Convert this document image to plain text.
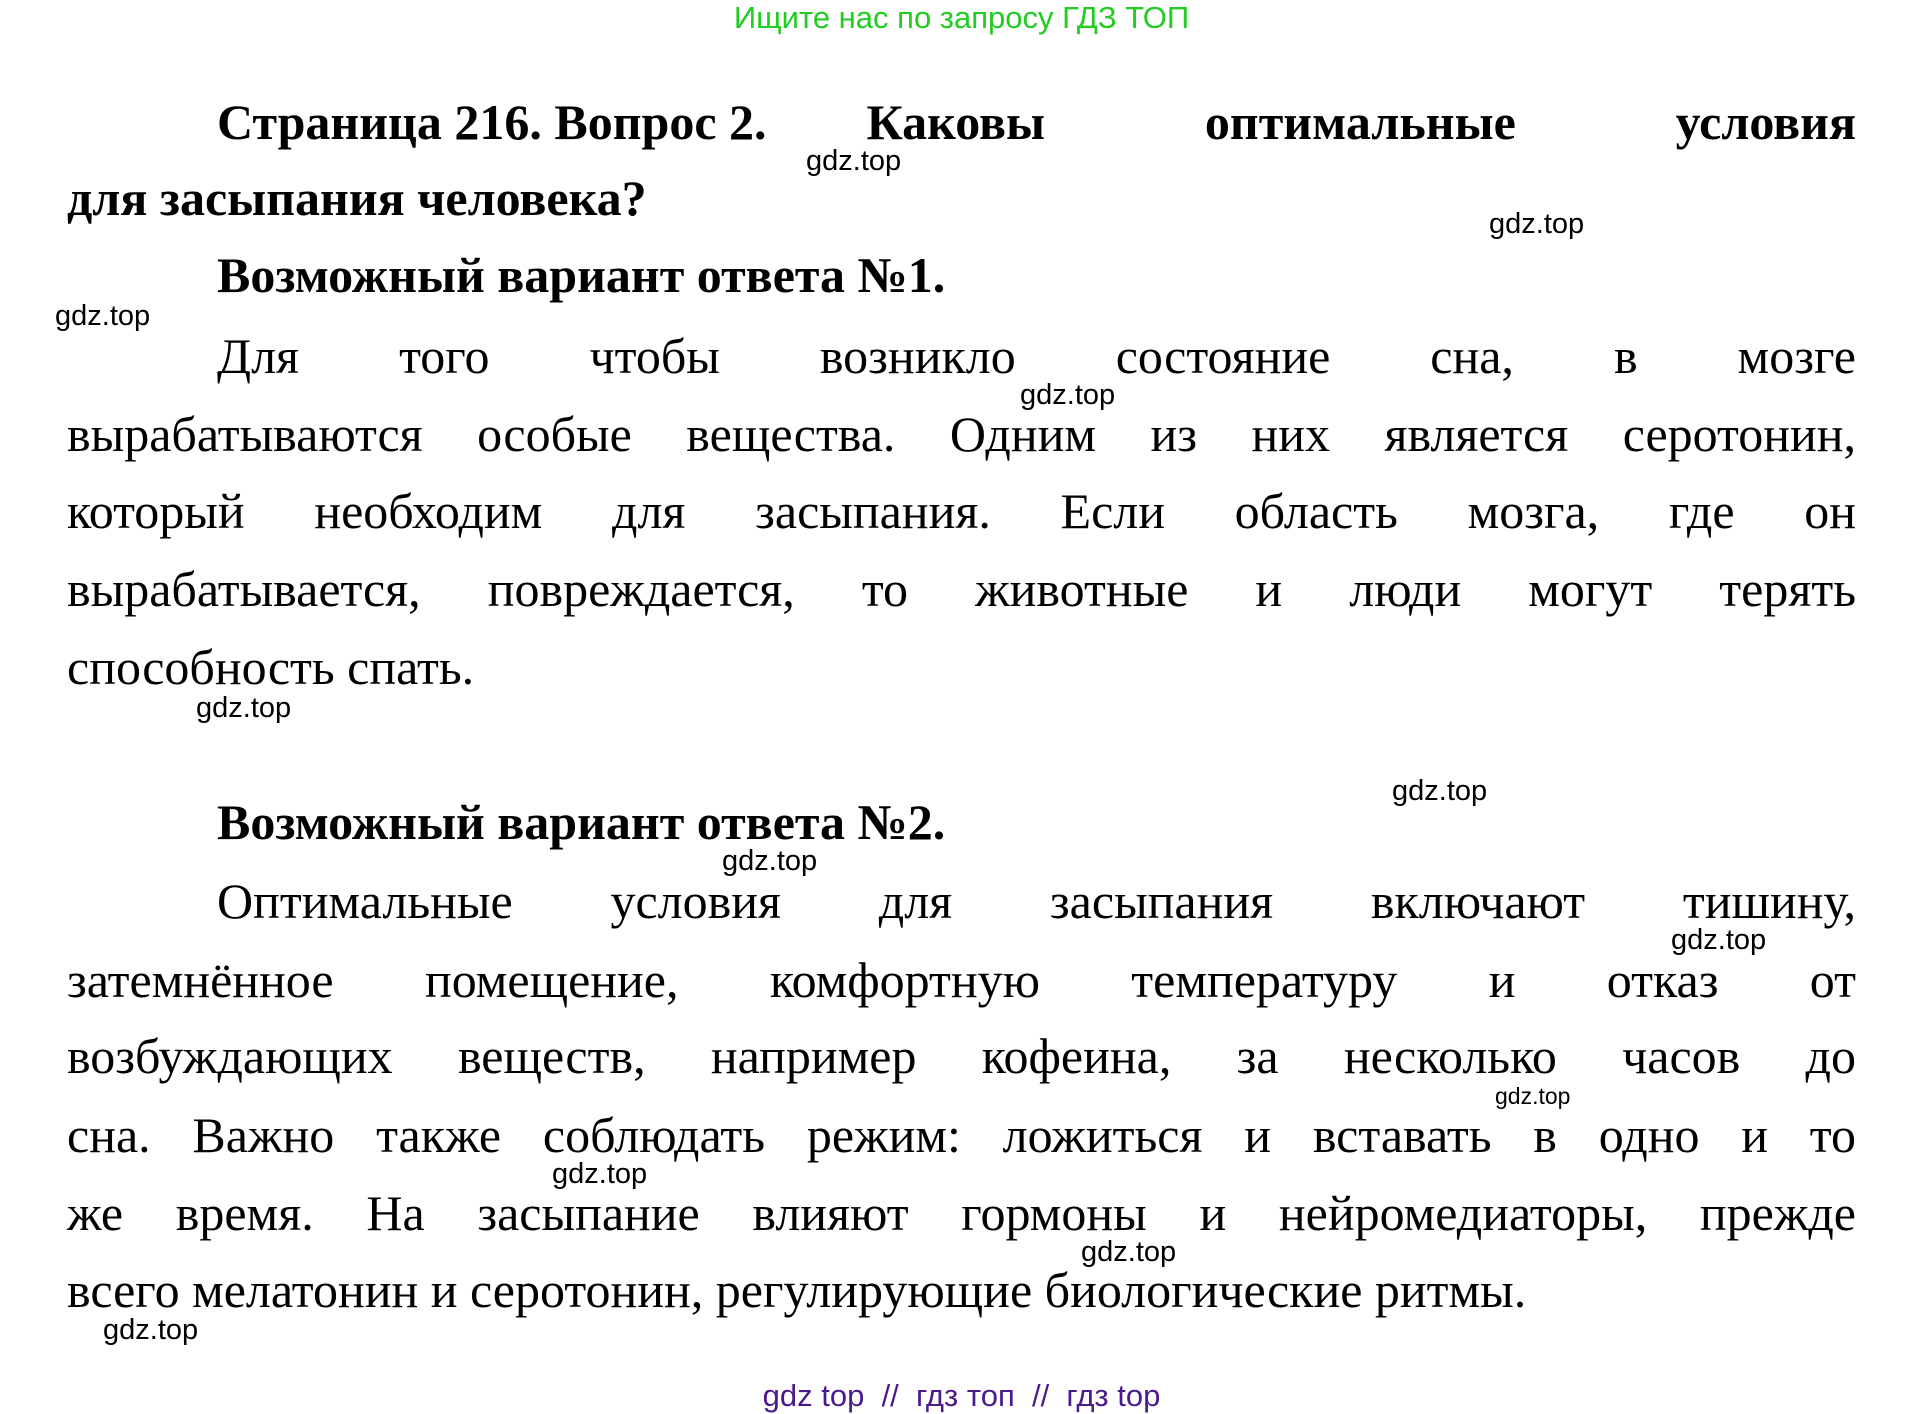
Ищите нас по запросу ГДЗ ТОП
Страница 216. Вопрос 2. Каковы оптимальные условия
для засыпания человека?
Возможный вариант ответа №1.
Для того чтобы возникло состояние сна, в мозге
вырабатываются особые вещества. Одним из них является серотонин,
который необходим для засыпания. Если область мозга, где он
вырабатывается, повреждается, то животные и люди могут терять
способность спать.
Возможный вариант ответа №2.
Оптимальные условия для засыпания включают тишину,
затемнённое помещение, комфортную температуру и отказ от
возбуждающих веществ, например кофеина, за несколько часов до
сна. Важно также соблюдать режим: ложиться и вставать в одно и то
же время. На засыпание влияют гормоны и нейромедиаторы, прежде
всего мелатонин и серотонин, регулирующие биологические ритмы.
gdz.top
gdz.top
gdz.top
gdz.top
gdz.top
gdz.top
gdz.top
gdz.top
gdz.top
gdz.top
gdz.top
gdz.top
gdz top  //  гдз топ  //  гдз top
